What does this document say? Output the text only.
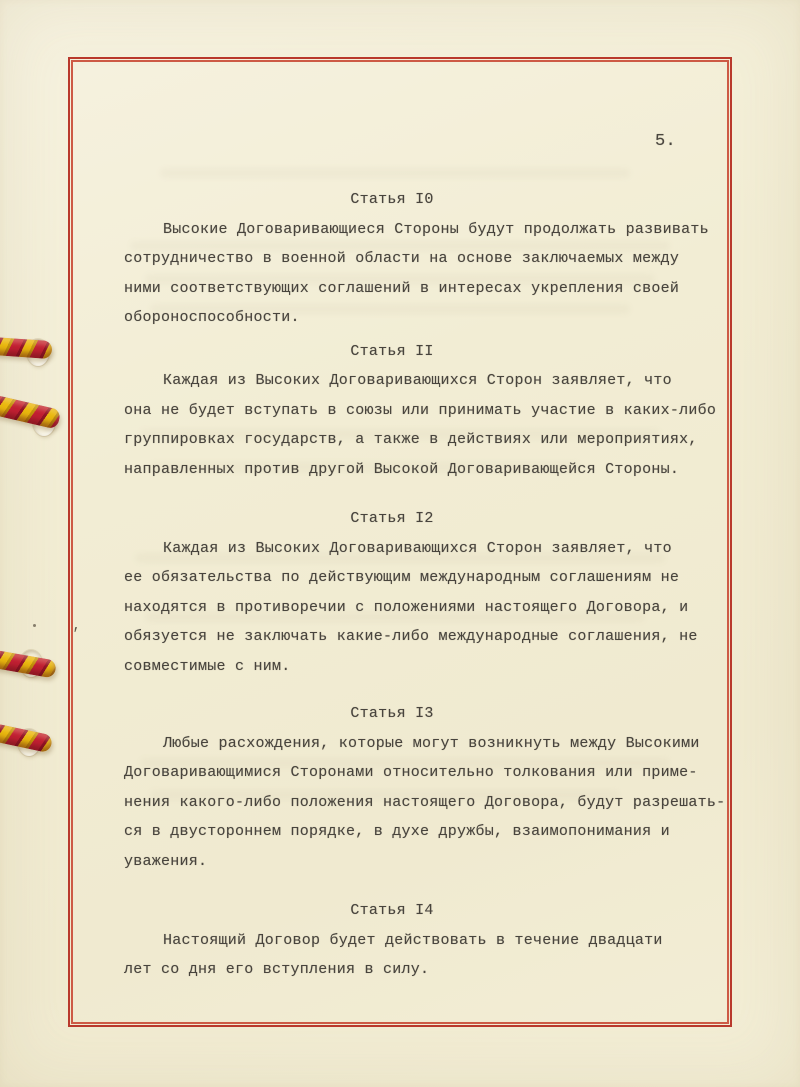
’
5.
Статья I0
Высокие Договаривающиеся Стороны будут продолжать развивать
сотрудничество в военной области на основе заключаемых между
ними соответствующих соглашений в интересах укрепления своей
обороноспособности.
Статья II
Каждая из Высоких Договаривающихся Сторон заявляет, что
она не будет вступать в союзы или принимать участие в каких-либо
группировках государств, а также в действиях или мероприятиях,
направленных против другой Высокой Договаривающейся Стороны.
Статья I2
Каждая из Высоких Договаривающихся Сторон заявляет, что
ее обязательства по действующим международным соглашениям не
находятся в противоречии с положениями настоящего Договора, и
обязуется не заключать какие-либо международные соглашения, не
совместимые с ним.
Статья I3
Любые расхождения, которые могут возникнуть между Высокими
Договаривающимися Сторонами относительно толкования или приме-
нения какого-либо положения настоящего Договора, будут разрешать-
ся в двустороннем порядке, в духе дружбы, взаимопонимания и
уважения.
Статья I4
Настоящий Договор будет действовать в течение двадцати
лет со дня его вступления в силу.
